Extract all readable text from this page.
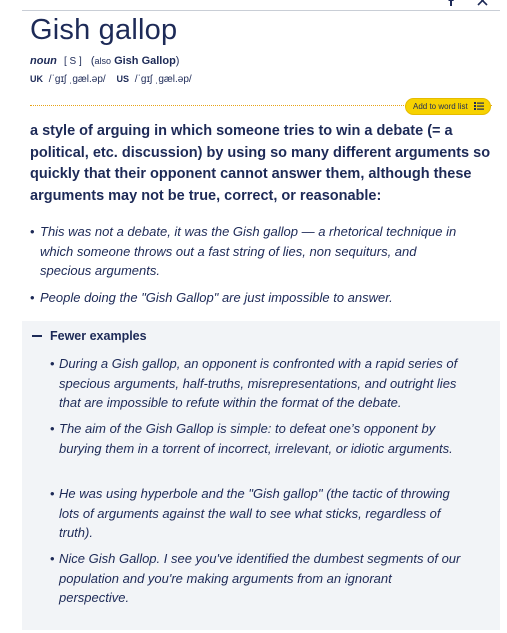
Gish gallop
noun [ S ] (also Gish Gallop)
UK /ˈɡɪʃ ˌɡæl.əp/ US /ˈɡɪʃ ˌɡæl.əp/
Add to word list
a style of arguing in which someone tries to win a debate (= a political, etc. discussion) by using so many different arguments so quickly that their opponent cannot answer them, although these arguments may not be true, correct, or reasonable:
• This was not a debate, it was the Gish gallop — a rhetorical technique in which someone throws out a fast string of lies, non sequiturs, and specious arguments.
• People doing the "Gish Gallop" are just impossible to answer.
Fewer examples
• During a Gish gallop, an opponent is confronted with a rapid series of specious arguments, half-truths, misrepresentations, and outright lies that are impossible to refute within the format of the debate.
• The aim of the Gish Gallop is simple: to defeat one’s opponent by burying them in a torrent of incorrect, irrelevant, or idiotic arguments.
• He was using hyperbole and the "Gish gallop" (the tactic of throwing lots of arguments against the wall to see what sticks, regardless of truth).
• Nice Gish Gallop. I see you've identified the dumbest segments of our population and you're making arguments from an ignorant perspective.
